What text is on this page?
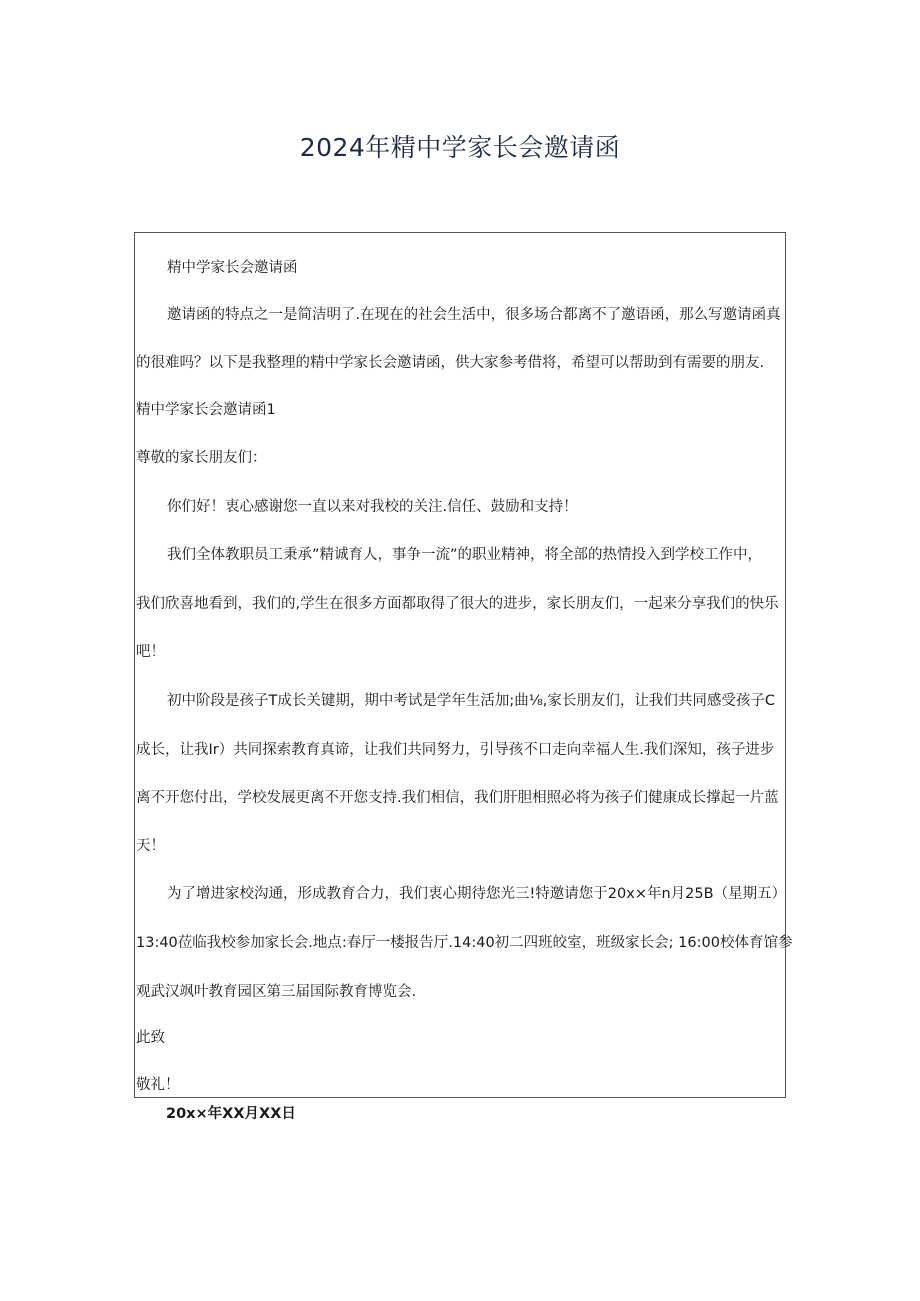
2024年精中学家长会邀请函
精中学家长会邀请函
邀请函的特点之一是简洁明了.在现在的社会生活中，很多场合都离不了邀语函，那么写邀请函真
的很难吗？以下是我整理的精中学家长会邀请函，供大家参考借将，希望可以帮助到有需要的朋友.
精中学家长会邀请函1
尊敬的家长朋友们：
你们好！衷心感谢您一直以来对我校的关注.信任、鼓励和支持！
我们全体教职员工秉承”精诚育人，事争一流”的职业精神，将全部的热情投入到学校工作中，
我们欣喜地看到，我们的,学生在很多方面都取得了很大的进步，家长朋友们，一起来分享我们的快乐
吧！
初中阶段是孩子T成长关键期，期中考试是学年生活加;曲⅛,家长朋友们，让我们共同感受孩子C
成长，让我Ir）共同探索教育真谛，让我们共同努力，引导孩不口走向幸福人生.我们深知，孩子进步
离不开您付出，学校发展更离不开您支持.我们相信，我们肝胆相照必将为孩子们健康成长撑起一片蓝
天！
为了增进家校沟通，形成教育合力，我们衷心期待您光三!特邀请您于20x×年n月25B（星期五）
13:40莅临我校参加家长会.地点:春厅一楼报告厅.14:40初二四班皎室，班级家长会; 16:00校体育馆参
观武汉飒叶教育园区第三届国际教育博览会.
此致
敬礼！
20x×年XX月XX日
